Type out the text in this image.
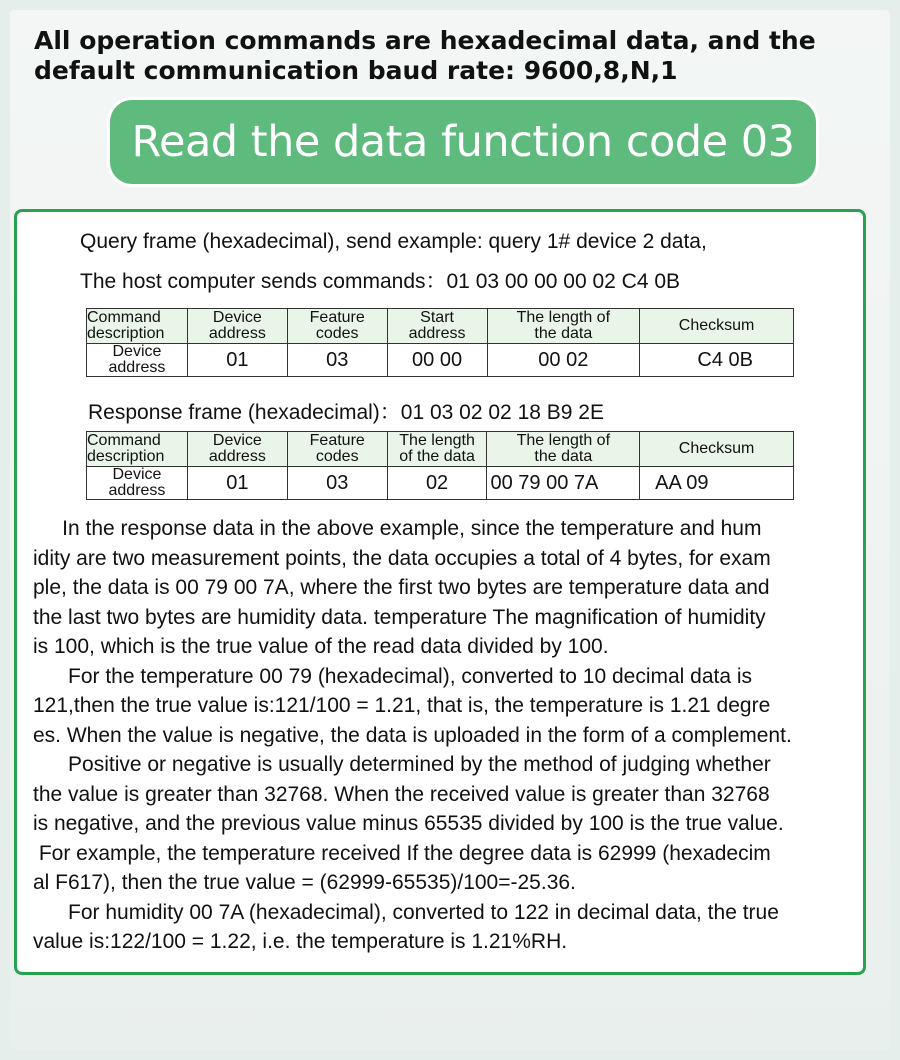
All operation commands are hexadecimal data, and the
default communication baud rate: 9600,8,N,1
Read the data function code 03
Query frame (hexadecimal), send example: query 1# device 2 data,
The host computer sends commands：01 03 00 00 00 02 C4 0B
Command
description	Device
address	Feature
codes	Start
address	The length of
the data	Checksum
Device address	01	03	00 00	00 02	C4 0B
Response frame (hexadecimal)：01 03 02 02 18 B9 2E
Command
description	Device
address	Feature
codes	The length
of the data	The length of
the data	Checksum
Device address	01	03	02	00 79 00 7A	AA 09

In the response data in the above example, since the temperature and hum

idity are two measurement points, the data occupies a total of 4 bytes, for exam

ple, the data is 00 79 00 7A, where the first two bytes are temperature data and

the last two bytes are humidity data. temperature The magnification of humidity

is 100, which is the true value of the read data divided by 100.

For the temperature 00 79 (hexadecimal), converted to 10 decimal data is

121,then the true value is:121/100 = 1.21, that is, the temperature is 1.21 degre

es. When the value is negative, the data is uploaded in the form of a complement.

Positive or negative is usually determined by the method of judging whether

the value is greater than 32768. When the received value is greater than 32768

is negative, and the previous value minus 65535 divided by 100 is the true value.

For example, the temperature received If the degree data is 62999 (hexadecim

al F617), then the true value = (62999-65535)/100=-25.36.

For humidity 00 7A (hexadecimal), converted to 122 in decimal data, the true

value is:122/100 = 1.22, i.e. the temperature is 1.21%RH.
